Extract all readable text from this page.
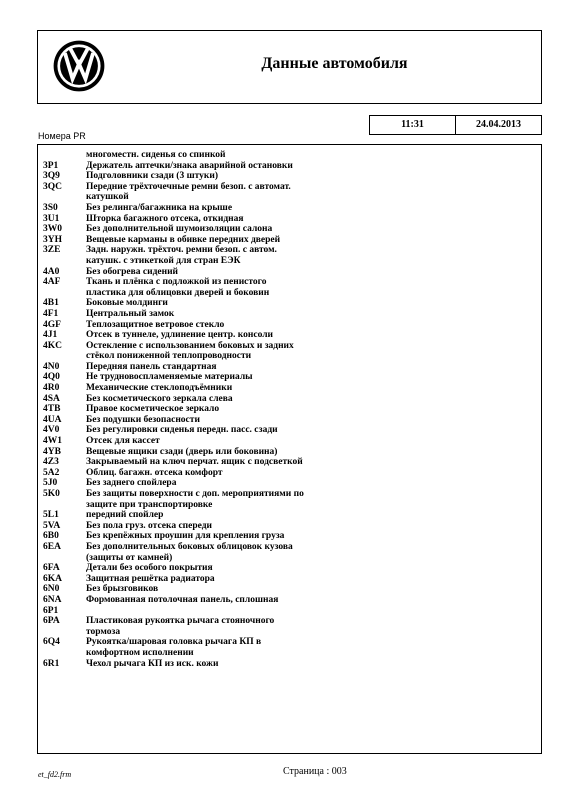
Данные автомобиля
11:31	24.04.2013
Номера PR
многоместн. сиденья со спинкой
3P1	Держатель аптечки/знака аварийной остановки
3Q9	Подголовники сзади (3 штуки)
3QC	Передние трёхточечные ремни безоп. с автомат. катушкой
3S0	Без релинга/багажника на крыше
3U1	Шторка багажного отсека, откидная
3W0	Без дополнительной шумоизоляции салона
3YH	Вещевые карманы в обивке передних дверей
3ZE	Задн. наружн. трёхточ. ремни безоп. с автом. катушк. с этикеткой для стран ЕЭК
4A0	Без обогрева сидений
4AF	Ткань и плёнка с подложкой из пенистого пластика для облицовки дверей и боковин
4B1	Боковые молдинги
4F1	Центральный замок
4GF	Теплозащитное ветровое стекло
4J1	Отсек в туннеле, удлинение центр. консоли
4KC	Остекление с использованием боковых и задних стёкол пониженной теплопроводности
4N0	Передняя панель стандартная
4Q0	Не трудновоспламеняемые материалы
4R0	Механические стеклоподъёмники
4SA	Без косметического зеркала слева
4TB	Правое косметическое зеркало
4UA	Без подушки безопасности
4V0	Без регулировки сиденья передн. пасс. сзади
4W1	Отсек для кассет
4YB	Вещевые ящики сзади (дверь или боковина)
4Z3	Закрываемый на ключ перчат. ящик с подсветкой
5A2	Облиц. багажн. отсека комфорт
5J0	Без заднего спойлера
5K0	Без защиты поверхности с доп. мероприятиями по защите при транспортировке
5L1	передний спойлер
5VA	Без пола груз. отсека спереди
6B0	Без крепёжных проушин для крепления груза
6EA	Без дополнительных боковых облицовок кузова (защиты от камней)
6FA	Детали без особого покрытия
6KA	Защитная решётка радиатора
6N0	Без брызговиков
6NA	Формованная потолочная панель, сплошная
6P1
6PA	Пластиковая рукоятка рычага стояночного тормоза
6Q4	Рукоятка/шаровая головка рычага КП в комфортном исполнении
6R1	Чехол рычага КП из иск. кожи
et_fd2.frm	Страница : 003
